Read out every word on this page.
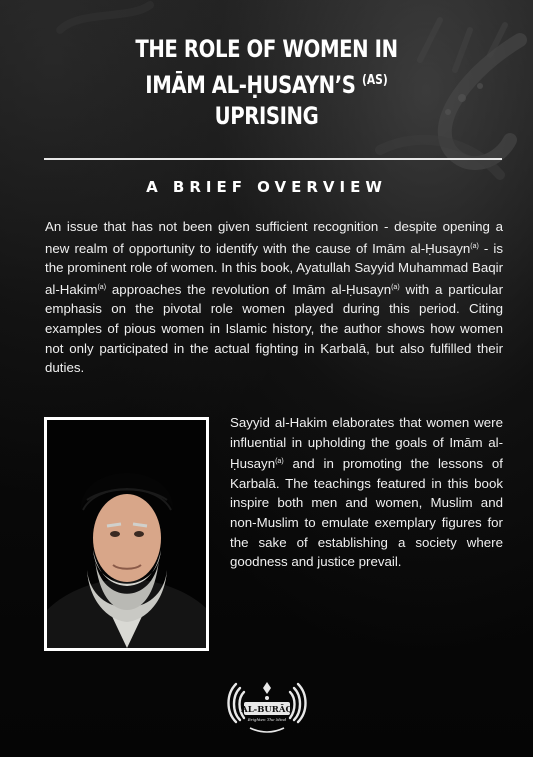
THE ROLE OF WOMEN IN
IMĀM AL-ḤUSAYN’S $^{(AS)}$
UPRISING
A BRIEF OVERVIEW
An issue that has not been given sufficient recognition - despite opening a new realm of opportunity to identify with the cause of Imām al-Ḥusayn$^{(a)}$ - is the prominent role of women. In this book, Ayatullah Sayyid Muhammad Baqir al-Hakim$^{(a)}$ approaches the revolution of Imām al-Ḥusayn$^{(a)}$ with a particular emphasis on the pivotal role women played during this period. Citing examples of pious women in Islamic history, the author shows how women not only participated in the actual fighting in Karbalā, but also fulfilled their duties.
Sayyid al-Hakim elaborates that women were influential in upholding the goals of Imām al-Ḥusayn$^{(a)}$ and in promoting the lessons of Karbalā. The teachings featured in this book inspire both men and women, Muslim and non-Muslim to emulate exemplary figures for the sake of establishing a society where goodness and justice prevail.
AL-BURĀQ
Brighten The Mind
